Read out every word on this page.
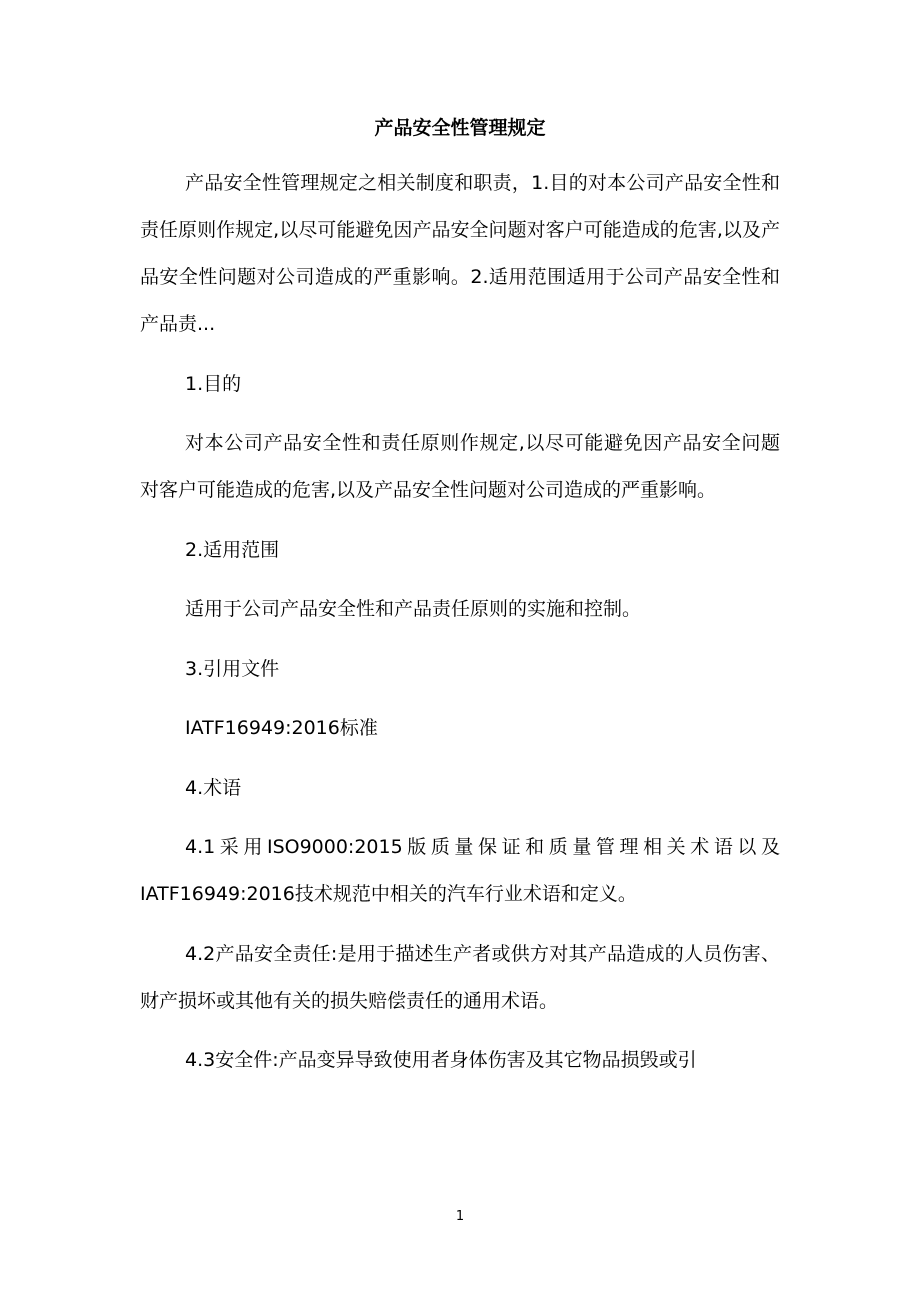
产品安全性管理规定

产品安全性管理规定之相关制度和职责，1.目的对本公司产品安全性和责任原则作规定,以尽可能避免因产品安全问题对客户可能造成的危害,以及产品安全性问题对公司造成的严重影响。2.适用范围适用于公司产品安全性和产品责...

1.目的

对本公司产品安全性和责任原则作规定,以尽可能避免因产品安全问题对客户可能造成的危害,以及产品安全性问题对公司造成的严重影响。

2.适用范围

适用于公司产品安全性和产品责任原则的实施和控制。

3.引用文件

IATF16949:2016标准

4.术语

4.1采用ISO9000:2015版质量保证和质量管理相关术语以及IATF16949:2016技术规范中相关的汽车行业术语和定义。

4.2产品安全责任:是用于描述生产者或供方对其产品造成的人员伤害、财产损坏或其他有关的损失赔偿责任的通用术语。

4.3安全件:产品变异导致使用者身体伤害及其它物品损毁或引

1
